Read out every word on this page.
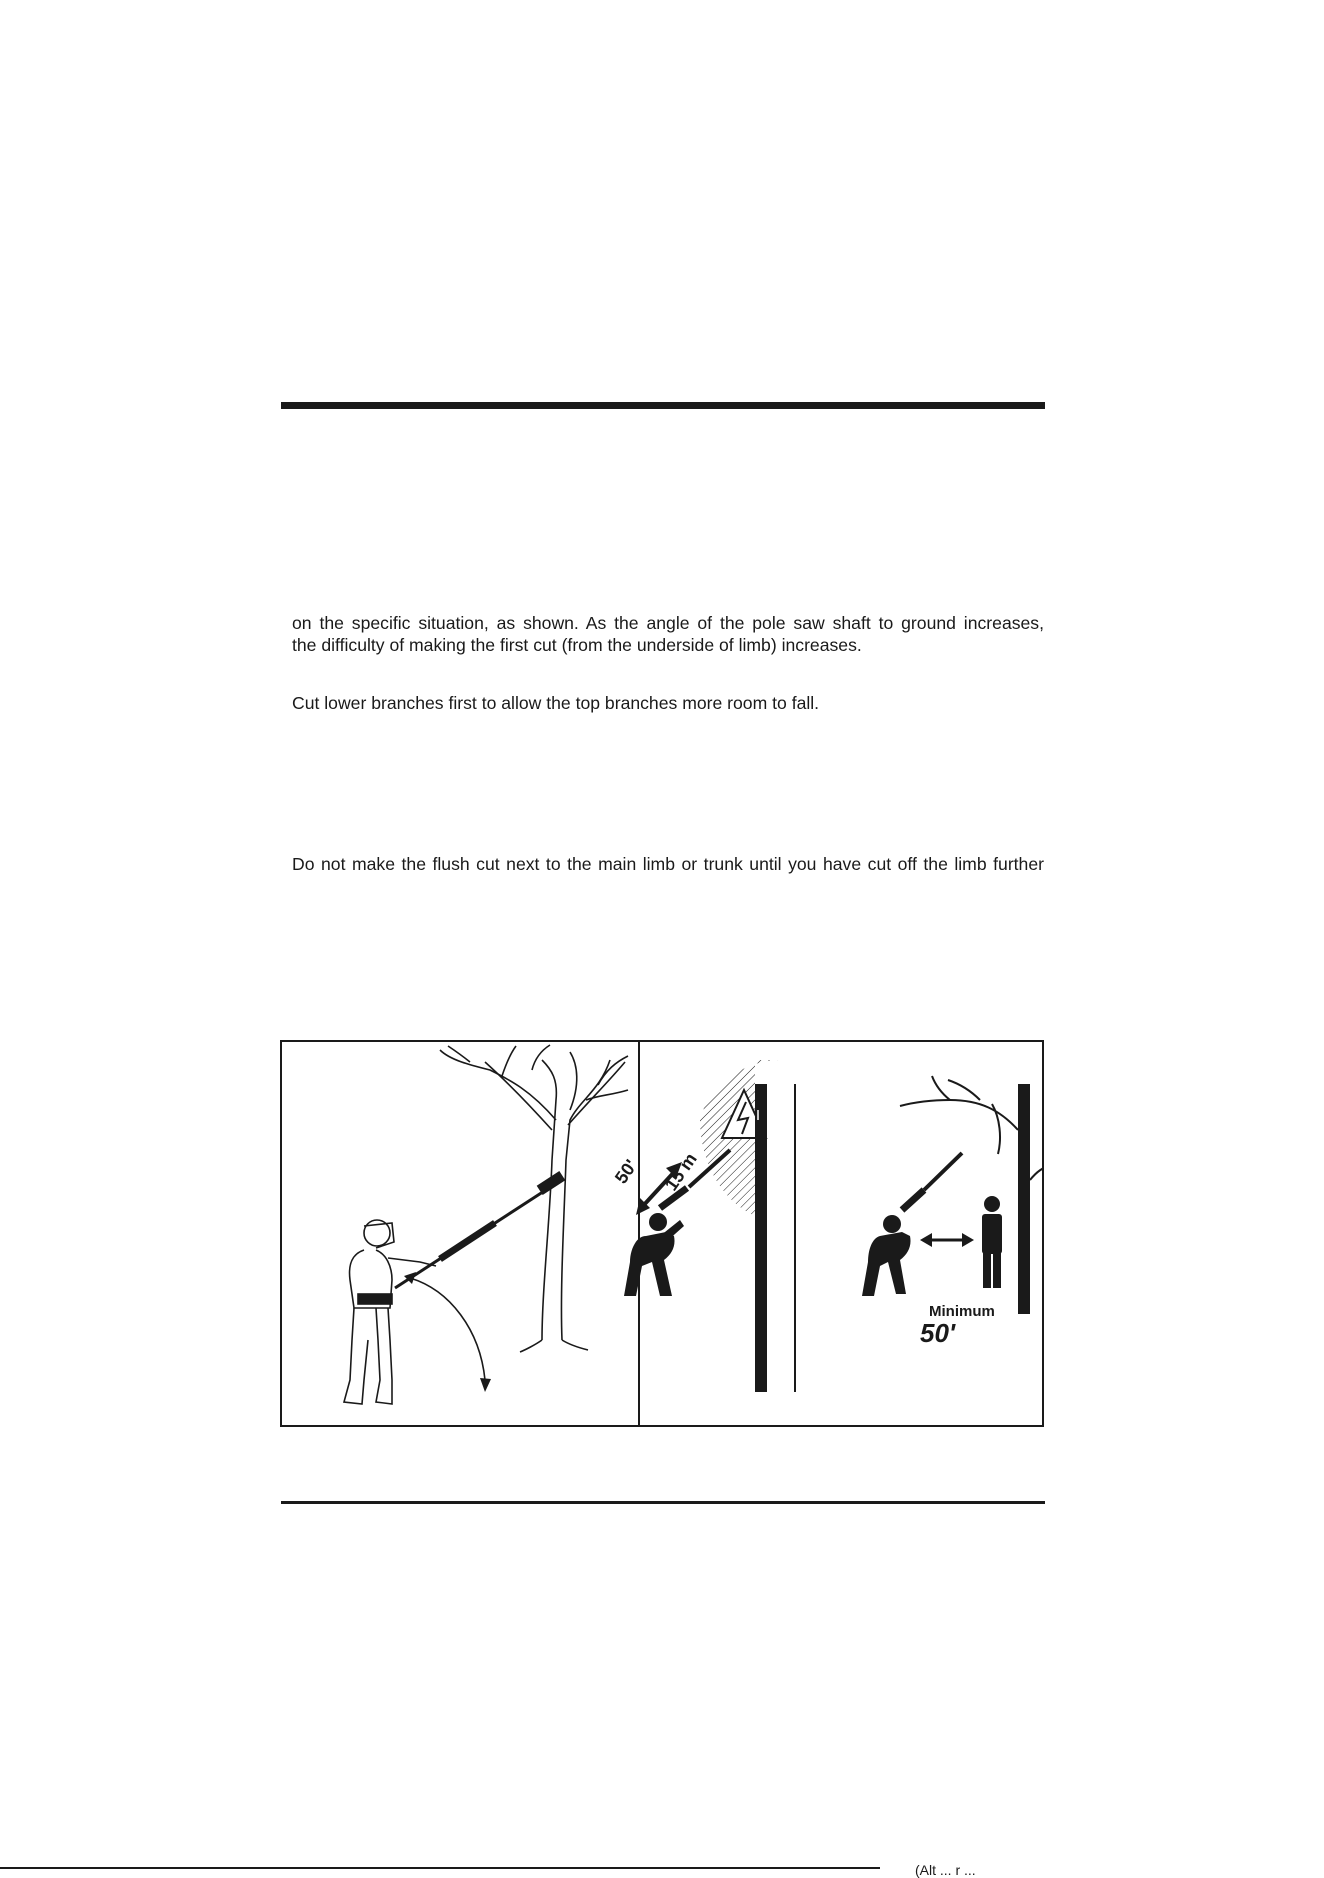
on the specific situation, as shown. As the angle of the pole saw shaft to ground increases,

the difficulty of making the first cut (from the underside of limb) increases.

Cut lower branches first to allow the top branches more room to fall.

Do not make the flush cut next to the main limb or trunk until you have cut off the limb further

50' 15 m
Minimum
50'
(Alt ... r ...
